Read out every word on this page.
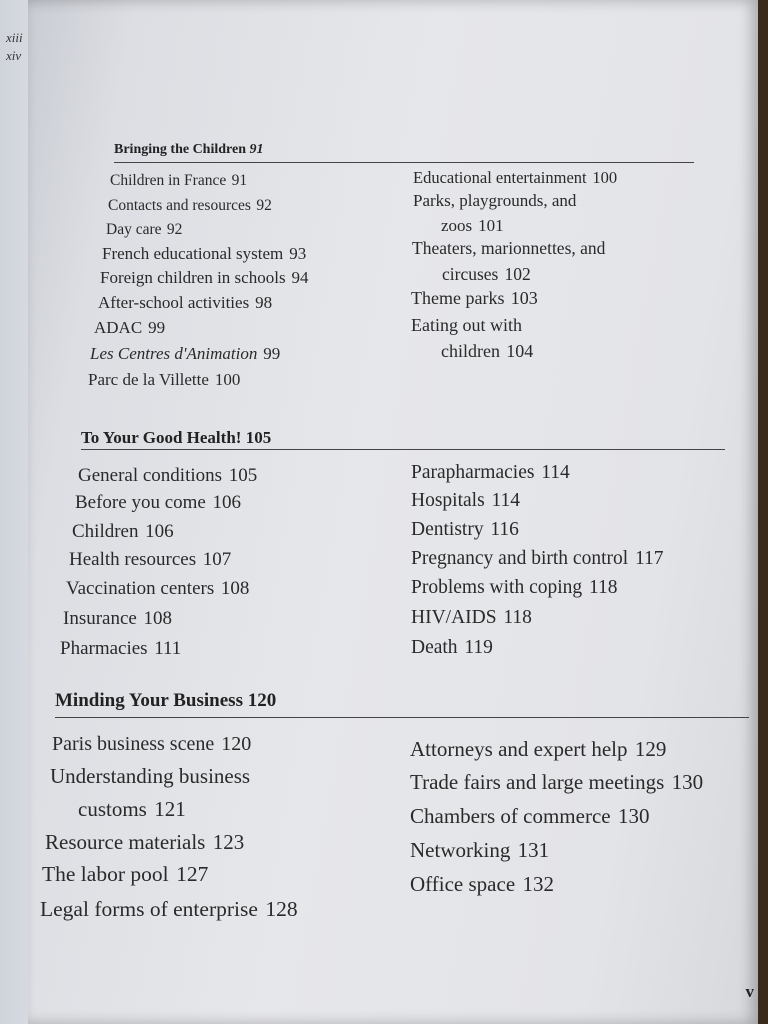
xiii
xiv
Bringing the Children 91
Children in France 91
Contacts and resources 92
Day care 92
French educational system 93
Foreign children in schools 94
After-school activities 98
ADAC 99
Les Centres d'Animation 99
Parc de la Villette 100
Educational entertainment 100
Parks, playgrounds, and
zoos 101
Theaters, marionnettes, and
circuses 102
Theme parks 103
Eating out with
children 104
To Your Good Health! 105
General conditions 105
Before you come 106
Children 106
Health resources 107
Vaccination centers 108
Insurance 108
Pharmacies 111
Parapharmacies 114
Hospitals 114
Dentistry 116
Pregnancy and birth control 117
Problems with coping 118
HIV/AIDS 118
Death 119
Minding Your Business 120
Paris business scene 120
Understanding business
customs 121
Resource materials 123
The labor pool 127
Legal forms of enterprise 128
Attorneys and expert help 129
Trade fairs and large meetings 130
Chambers of commerce 130
Networking 131
Office space 132
v
